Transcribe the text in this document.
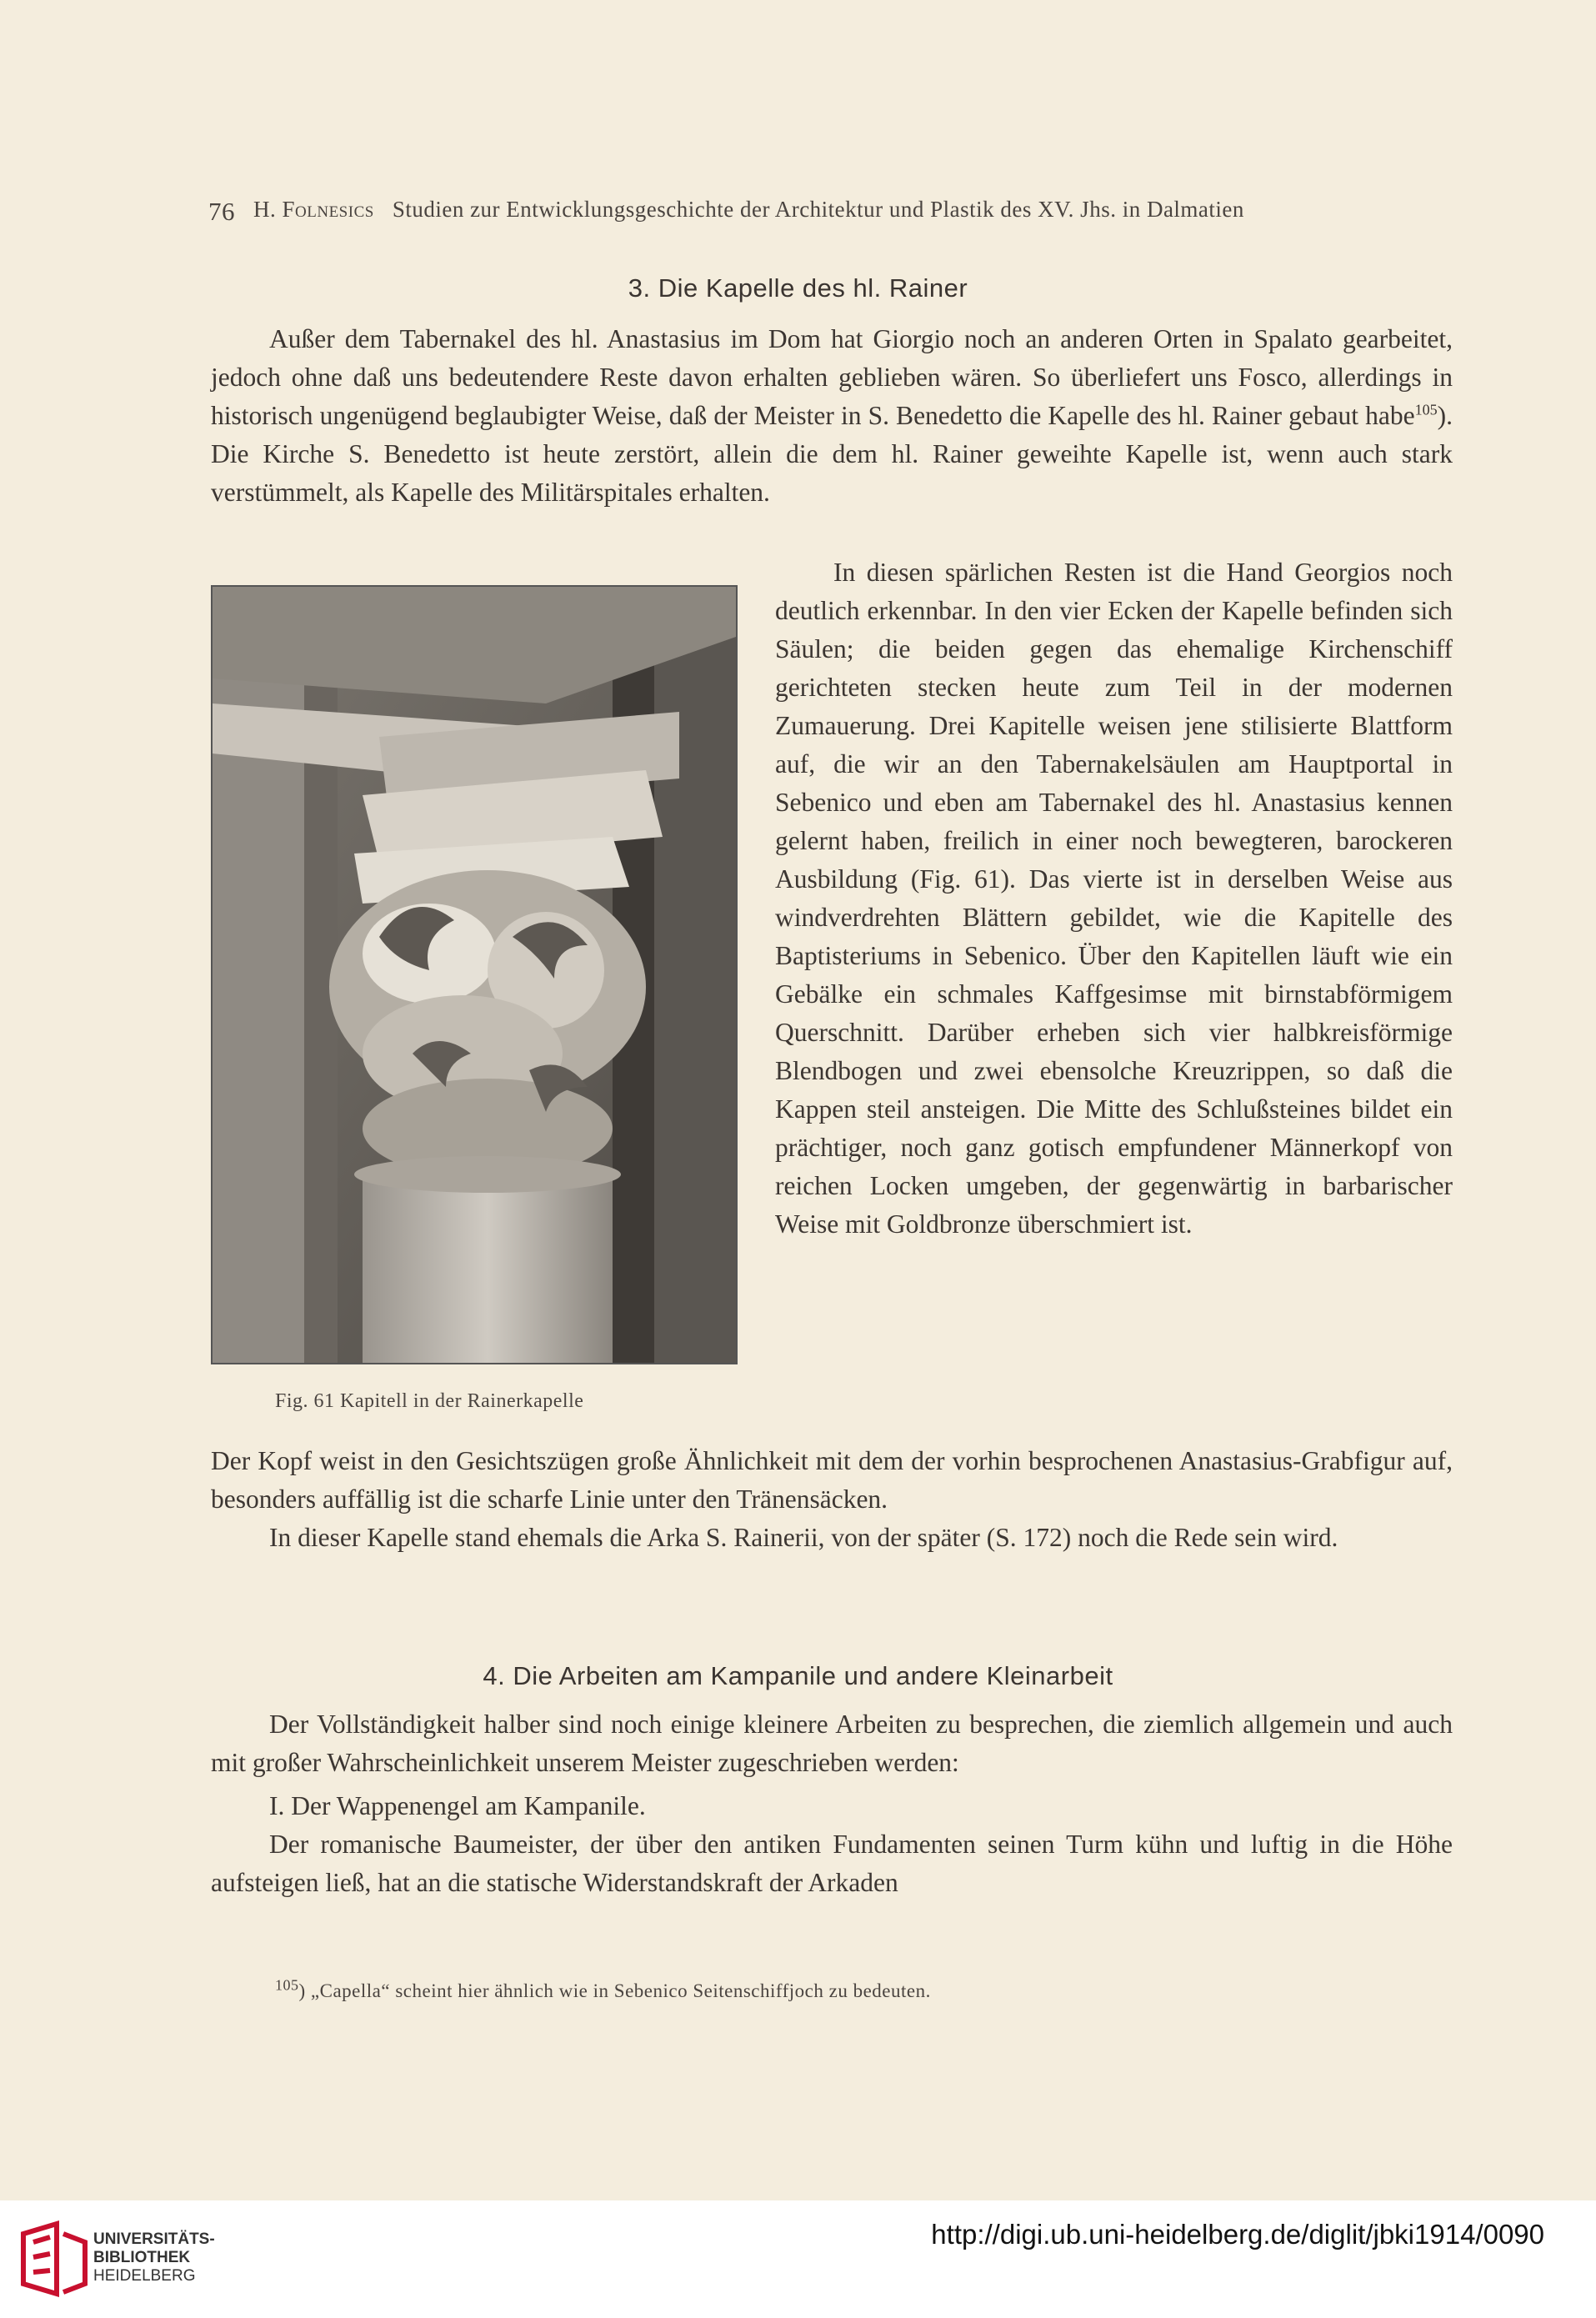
76 H. Folnesics Studien zur Entwicklungsgeschichte der Architektur und Plastik des XV. Jhs. in Dalmatien
3. Die Kapelle des hl. Rainer

Außer dem Tabernakel des hl. Anastasius im Dom hat Giorgio noch an anderen Orten in Spalato gearbeitet, jedoch ohne daß uns bedeutendere Reste davon erhalten geblieben wären. So überliefert uns Fosco, allerdings in historisch ungenügend beglaubigter Weise, daß der Meister in S. Benedetto die Kapelle des hl. Rainer gebaut habe$^{105}$). Die Kirche S. Benedetto ist heute zerstört, allein die dem hl. Rainer geweihte Kapelle ist, wenn auch stark verstümmelt, als Kapelle des Militärspitales erhalten.

Fig. 61 Kapitell in der Rainerkapelle

In diesen spärlichen Resten ist die Hand Georgios noch deutlich erkennbar. In den vier Ecken der Kapelle befinden sich Säulen; die beiden gegen das ehemalige Kirchenschiff gerichteten stecken heute zum Teil in der modernen Zumauerung. Drei Kapitelle weisen jene stilisierte Blattform auf, die wir an den Tabernakelsäulen am Hauptportal in Sebenico und eben am Tabernakel des hl. Anastasius kennen gelernt haben, freilich in einer noch bewegteren, barockeren Ausbildung (Fig. 61). Das vierte ist in derselben Weise aus windverdrehten Blättern gebildet, wie die Kapitelle des Baptisteriums in Sebenico. Über den Kapitellen läuft wie ein Gebälke ein schmales Kaffgesimse mit birnstabförmigem Querschnitt. Darüber erheben sich vier halbkreisförmige Blendbogen und zwei ebensolche Kreuzrippen, so daß die Kappen steil ansteigen. Die Mitte des Schlußsteines bildet ein prächtiger, noch ganz gotisch empfundener Männerkopf von reichen Locken umgeben, der gegenwärtig in barbarischer Weise mit Goldbronze überschmiert ist.

Der Kopf weist in den Gesichtszügen große Ähnlichkeit mit dem der vorhin besprochenen Anastasius-Grabfigur auf, besonders auffällig ist die scharfe Linie unter den Tränensäcken.

In dieser Kapelle stand ehemals die Arka S. Rainerii, von der später (S. 172) noch die Rede sein wird.

4. Die Arbeiten am Kampanile und andere Kleinarbeit

Der Vollständigkeit halber sind noch einige kleinere Arbeiten zu besprechen, die ziemlich allgemein und auch mit großer Wahrscheinlichkeit unserem Meister zugeschrieben werden:

I. Der Wappenengel am Kampanile.

Der romanische Baumeister, der über den antiken Fundamenten seinen Turm kühn und luftig in die Höhe aufsteigen ließ, hat an die statische Widerstandskraft der Arkaden

$^{105}$) „Capella“ scheint hier ähnlich wie in Sebenico Seitenschiffjoch zu bedeuten.
UNIVERSITÄTS-
BIBLIOTHEK
HEIDELBERG
http://digi.ub.uni-heidelberg.de/diglit/jbki1914/0090
